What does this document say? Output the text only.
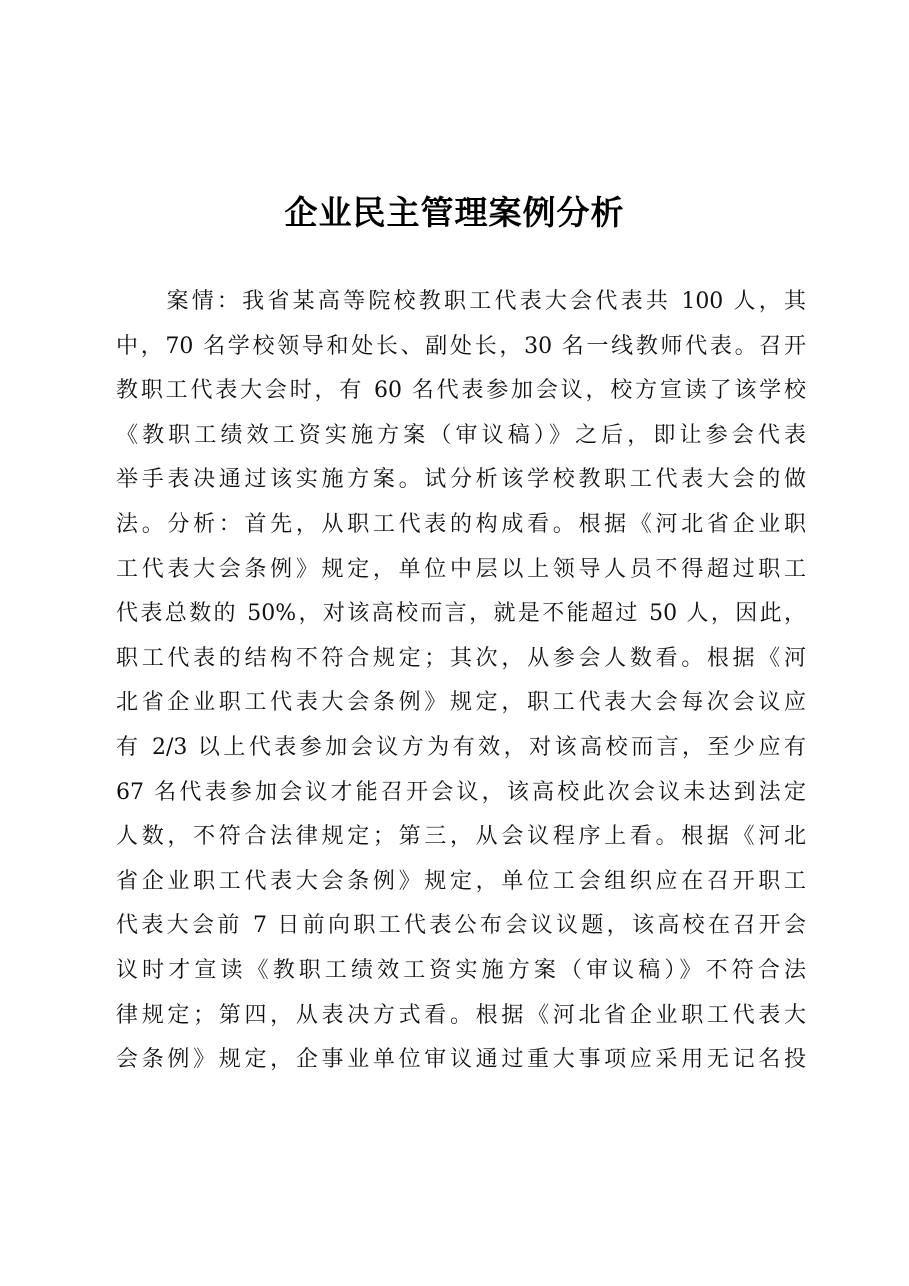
企业民主管理案例分析
　　案情：我省某高等院校教职工代表大会代表共 100 人，其
中，70 名学校领导和处长、副处长，30 名一线教师代表。召开
教职工代表大会时，有 60 名代表参加会议，校方宣读了该学校
《教职工绩效工资实施方案（审议稿）》之后，即让参会代表
举手表决通过该实施方案。试分析该学校教职工代表大会的做
法。分析：首先，从职工代表的构成看。根据《河北省企业职
工代表大会条例》规定，单位中层以上领导人员不得超过职工
代表总数的 50%，对该高校而言，就是不能超过 50 人，因此，
职工代表的结构不符合规定；其次，从参会人数看。根据《河
北省企业职工代表大会条例》规定，职工代表大会每次会议应
有 2/3 以上代表参加会议方为有效，对该高校而言，至少应有
67 名代表参加会议才能召开会议，该高校此次会议未达到法定
人数，不符合法律规定；第三，从会议程序上看。根据《河北
省企业职工代表大会条例》规定，单位工会组织应在召开职工
代表大会前 7 日前向职工代表公布会议议题，该高校在召开会
议时才宣读《教职工绩效工资实施方案（审议稿）》不符合法
律规定；第四，从表决方式看。根据《河北省企业职工代表大
会条例》规定，企事业单位审议通过重大事项应采用无记名投
